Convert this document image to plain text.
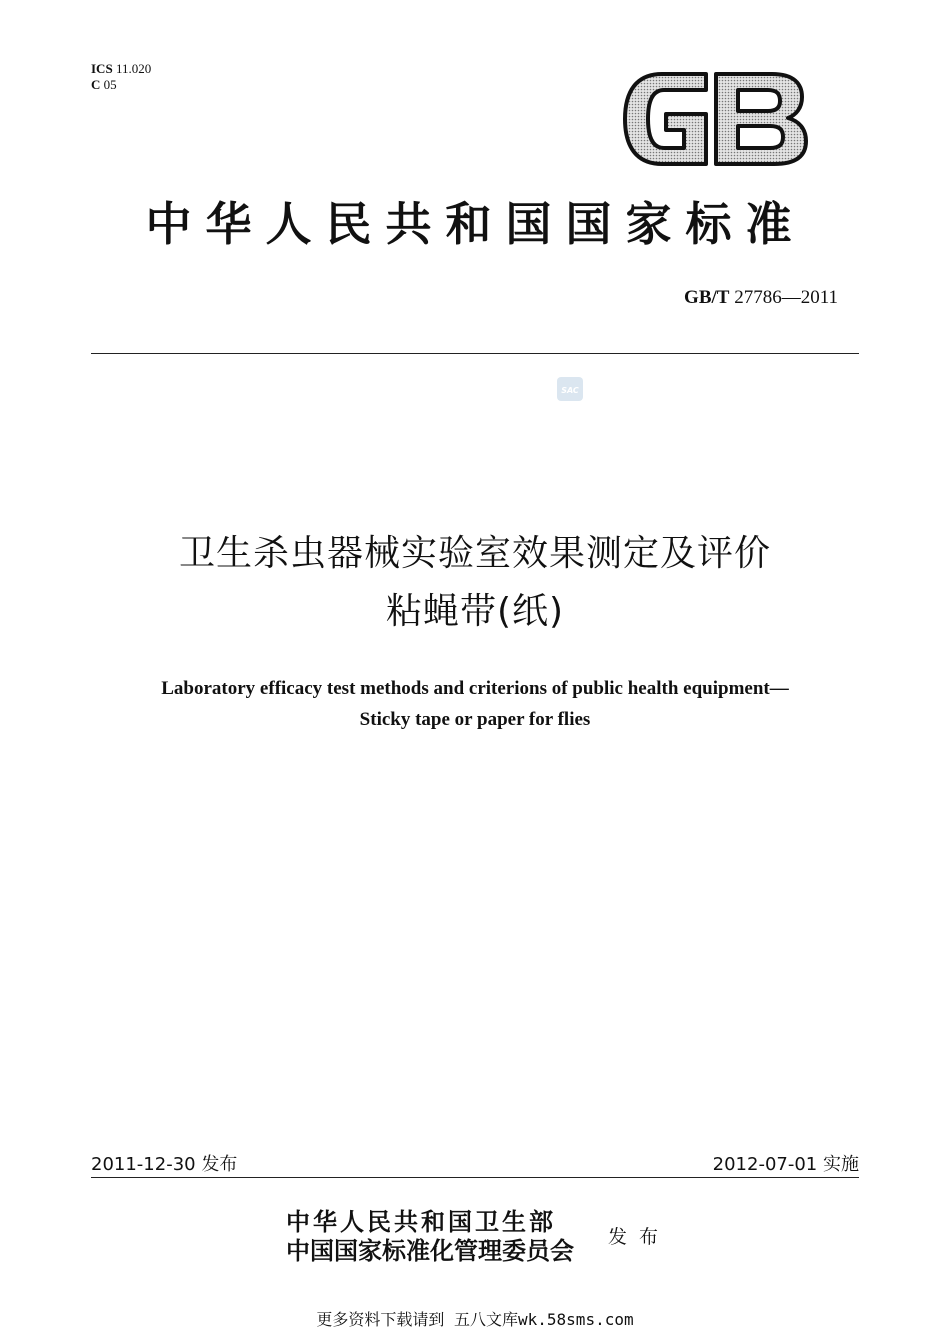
ICS 11.020
C 05
GB
中华人民共和国国家标准
GB/T 27786—2011
SAC
卫生杀虫器械实验室效果测定及评价
粘蝇带(纸)
Laboratory efficacy test methods and criterions of public health equipment—
Sticky tape or paper for flies
2011-12-30 发布	2012-07-01 实施
中华人民共和国卫生部
中国国家标准化管理委员会 发布
更多资料下载请到 五八文库wk.58sms.com
